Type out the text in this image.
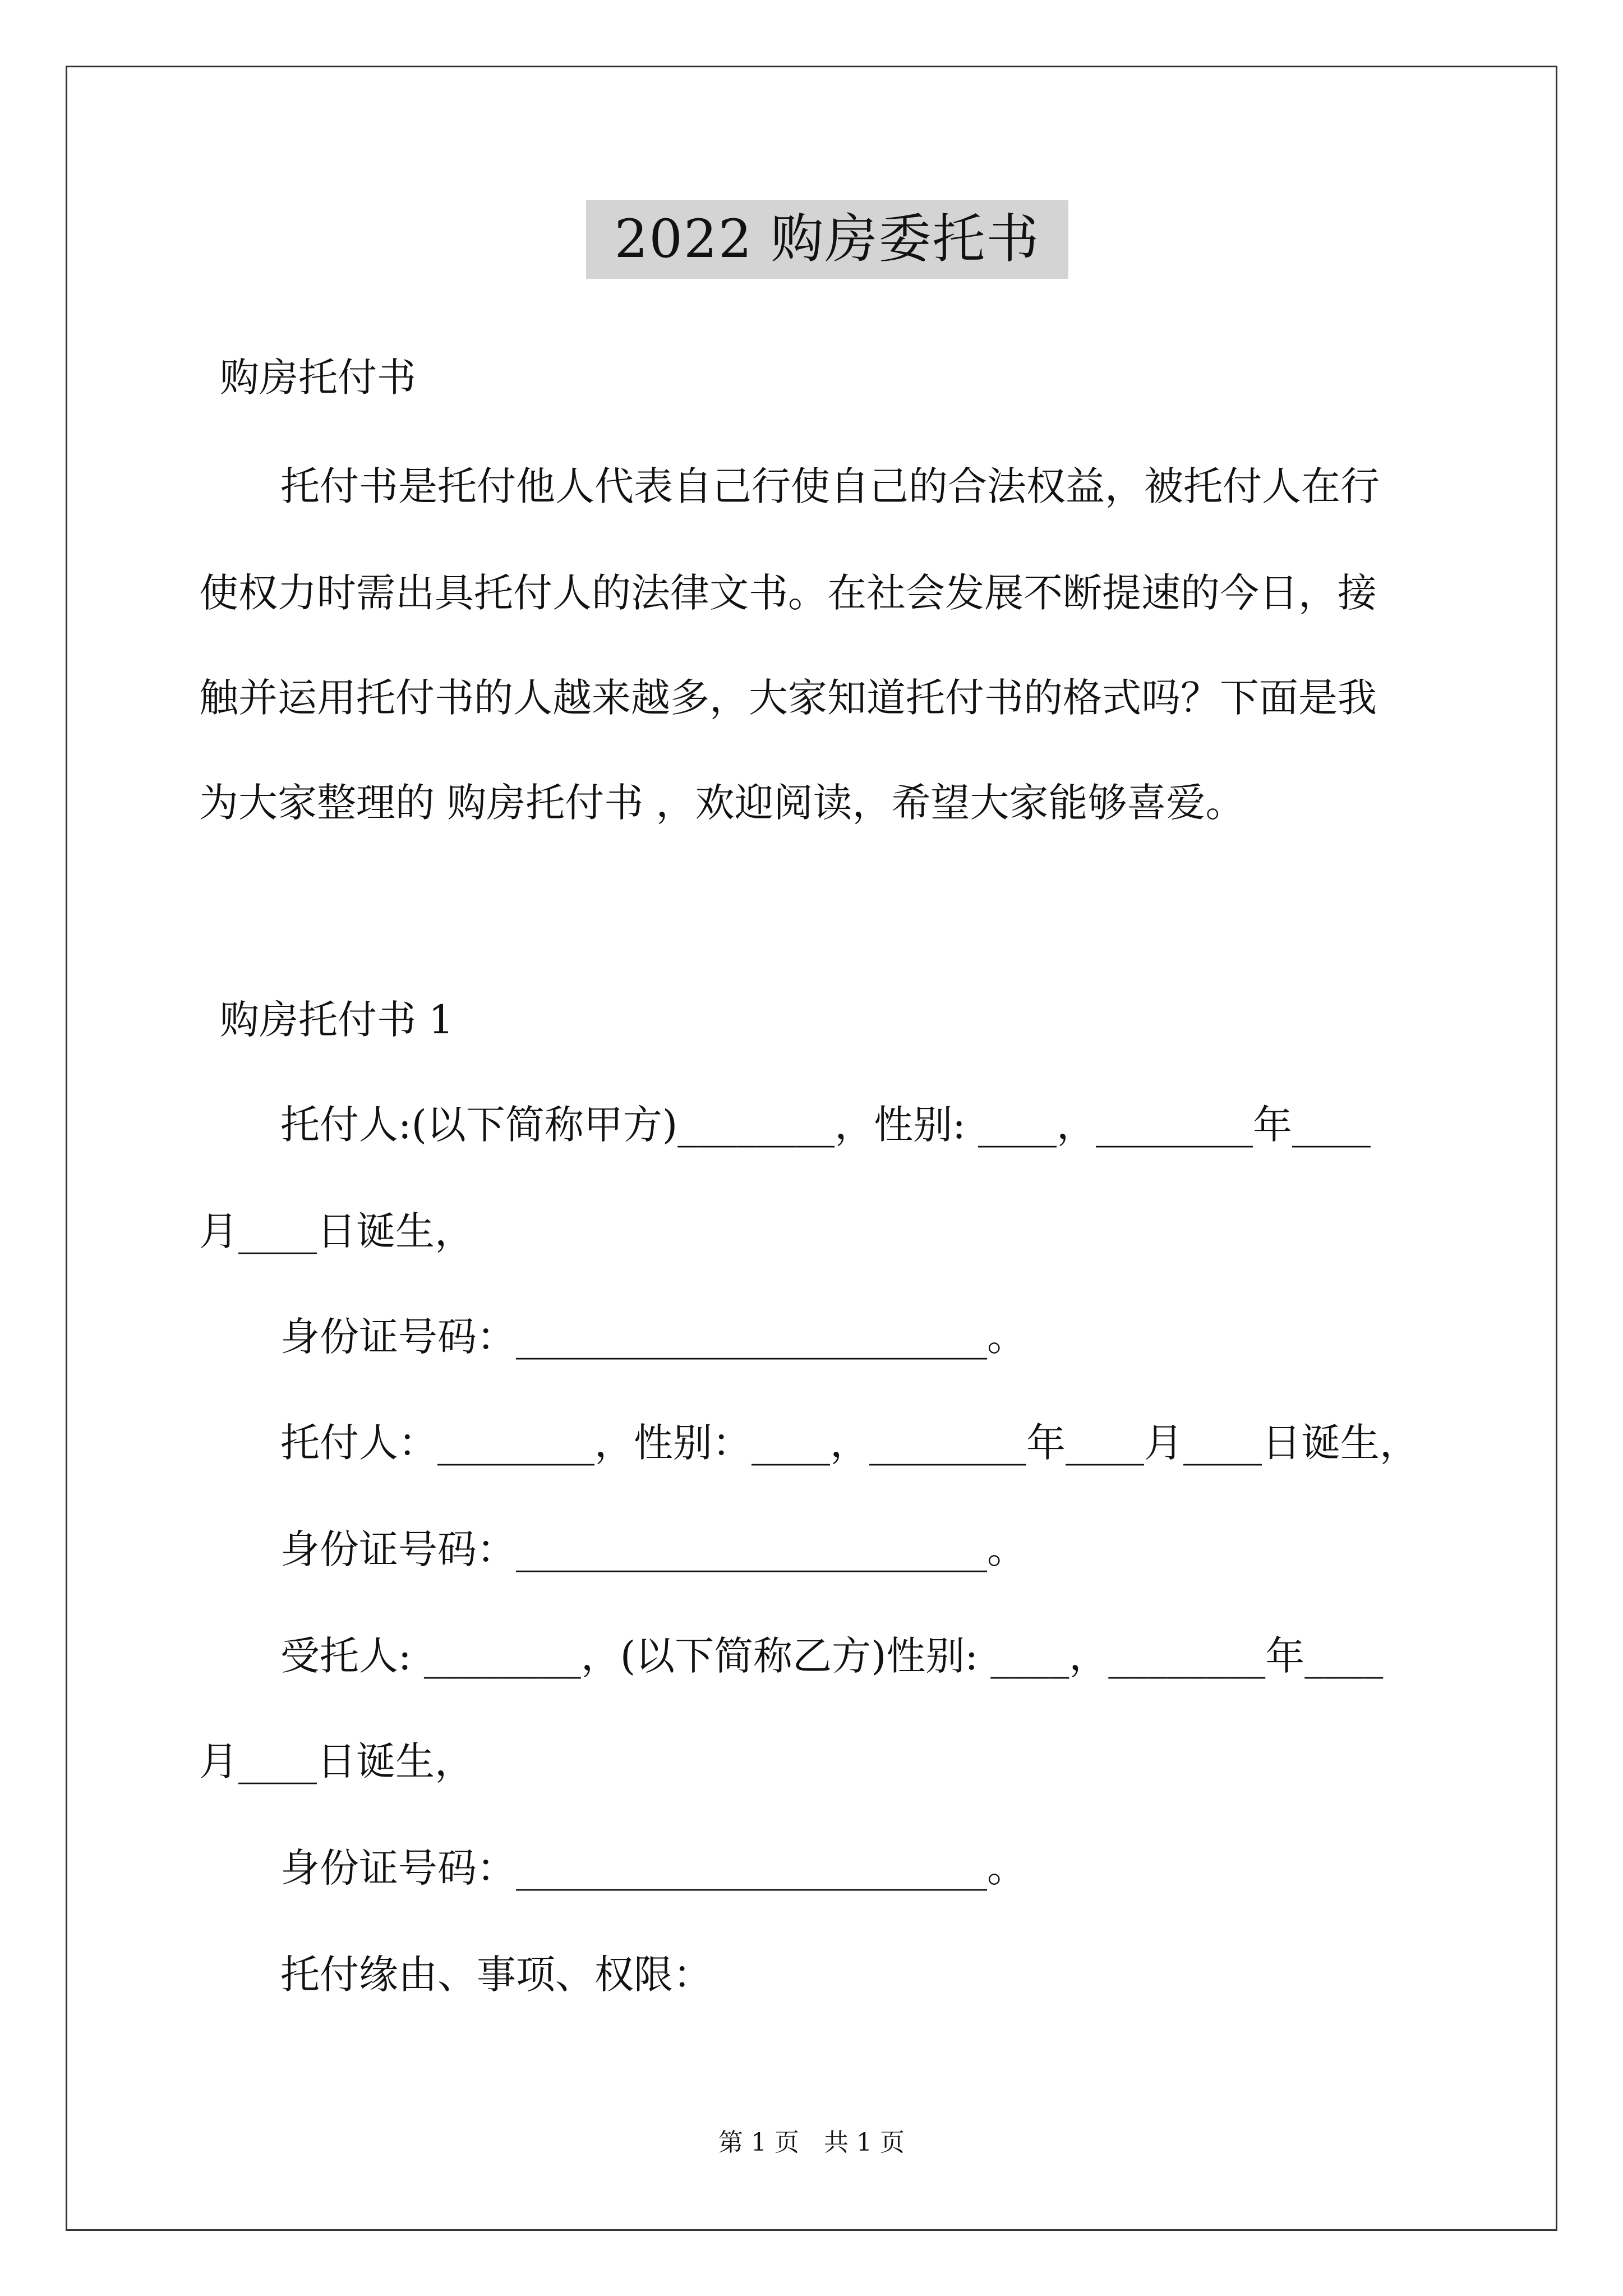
2022 购房委托书
购房托付书
托付书是托付他人代表自己行使自己的合法权益，被托付人在行
使权力时需出具托付人的法律文书。在社会发展不断提速的今日，接
触并运用托付书的人越来越多，大家知道托付书的格式吗？下面是我
为大家整理的 购房托付书 ，欢迎阅读，希望大家能够喜爱。
购房托付书 1
托付人:(以下简称甲方)________，性别: ____，________年____
月____日诞生，
身份证号码：________________________。
托付人：________，性别：____，________年____月____日诞生，
身份证号码：________________________。
受托人: ________，(以下简称乙方)性别: ____，________年____
月____日诞生，
身份证号码：________________________。
托付缘由、事项、权限：
第 1 页　共 1 页
